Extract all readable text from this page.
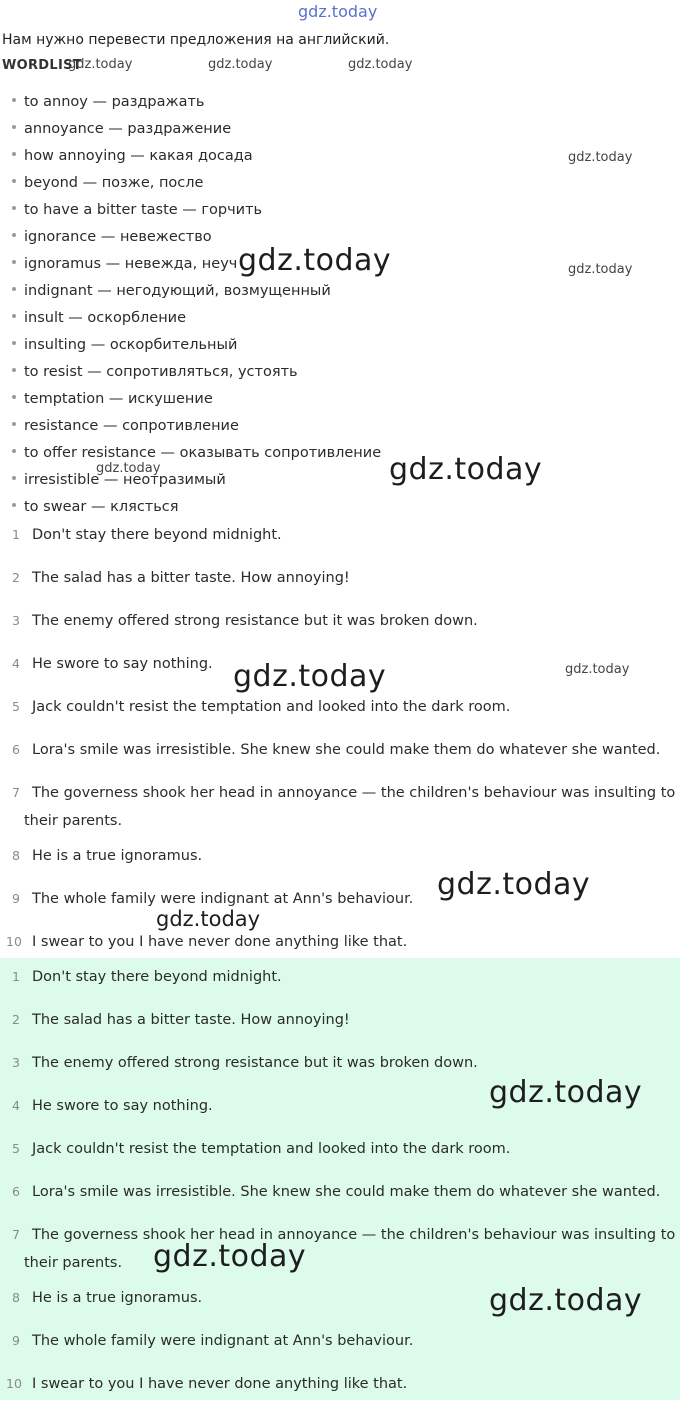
gdz.today
Нам нужно перевести предложения на английский.
WORDLIST
gdz.today	gdz.today	gdz.today
to annoy — раздражать
annoyance — раздражение
how annoying — какая досада
beyond — позже, после
to have a bitter taste — горчить
ignorance — невежество
ignoramus — невежда, неуч
indignant — негодующий, возмущенный
insult — оскорбление
insulting — оскорбительный
to resist — сопротивляться, устоять
temptation — искушение
resistance — сопротивление
to offer resistance — оказывать сопротивление
irresistible — неотразимый
to swear — клясться
1 Don't stay there beyond midnight.
2 The salad has a bitter taste. How annoying!
3 The enemy offered strong resistance but it was broken down.
4 He swore to say nothing.
5 Jack couldn't resist the temptation and looked into the dark room.
6 Lora's smile was irresistible. She knew she could make them do whatever she wanted.
7 The governess shook her head in annoyance — the children's behaviour was insulting to their parents.
8 He is a true ignoramus.
9 The whole family were indignant at Ann's behaviour.
10 I swear to you I have never done anything like that.
1 Don't stay there beyond midnight.
2 The salad has a bitter taste. How annoying!
3 The enemy offered strong resistance but it was broken down.
4 He swore to say nothing.
5 Jack couldn't resist the temptation and looked into the dark room.
6 Lora's smile was irresistible. She knew she could make them do whatever she wanted.
7 The governess shook her head in annoyance — the children's behaviour was insulting to their parents.
8 He is a true ignoramus.
9 The whole family were indignant at Ann's behaviour.
10 I swear to you I have never done anything like that.
gdz.today
gdz.today
gdz.today
gdz.today	gdz.today
gdz.today	gdz.today
gdz.today
gdz.today
gdz.today
gdz.today
gdz.today
